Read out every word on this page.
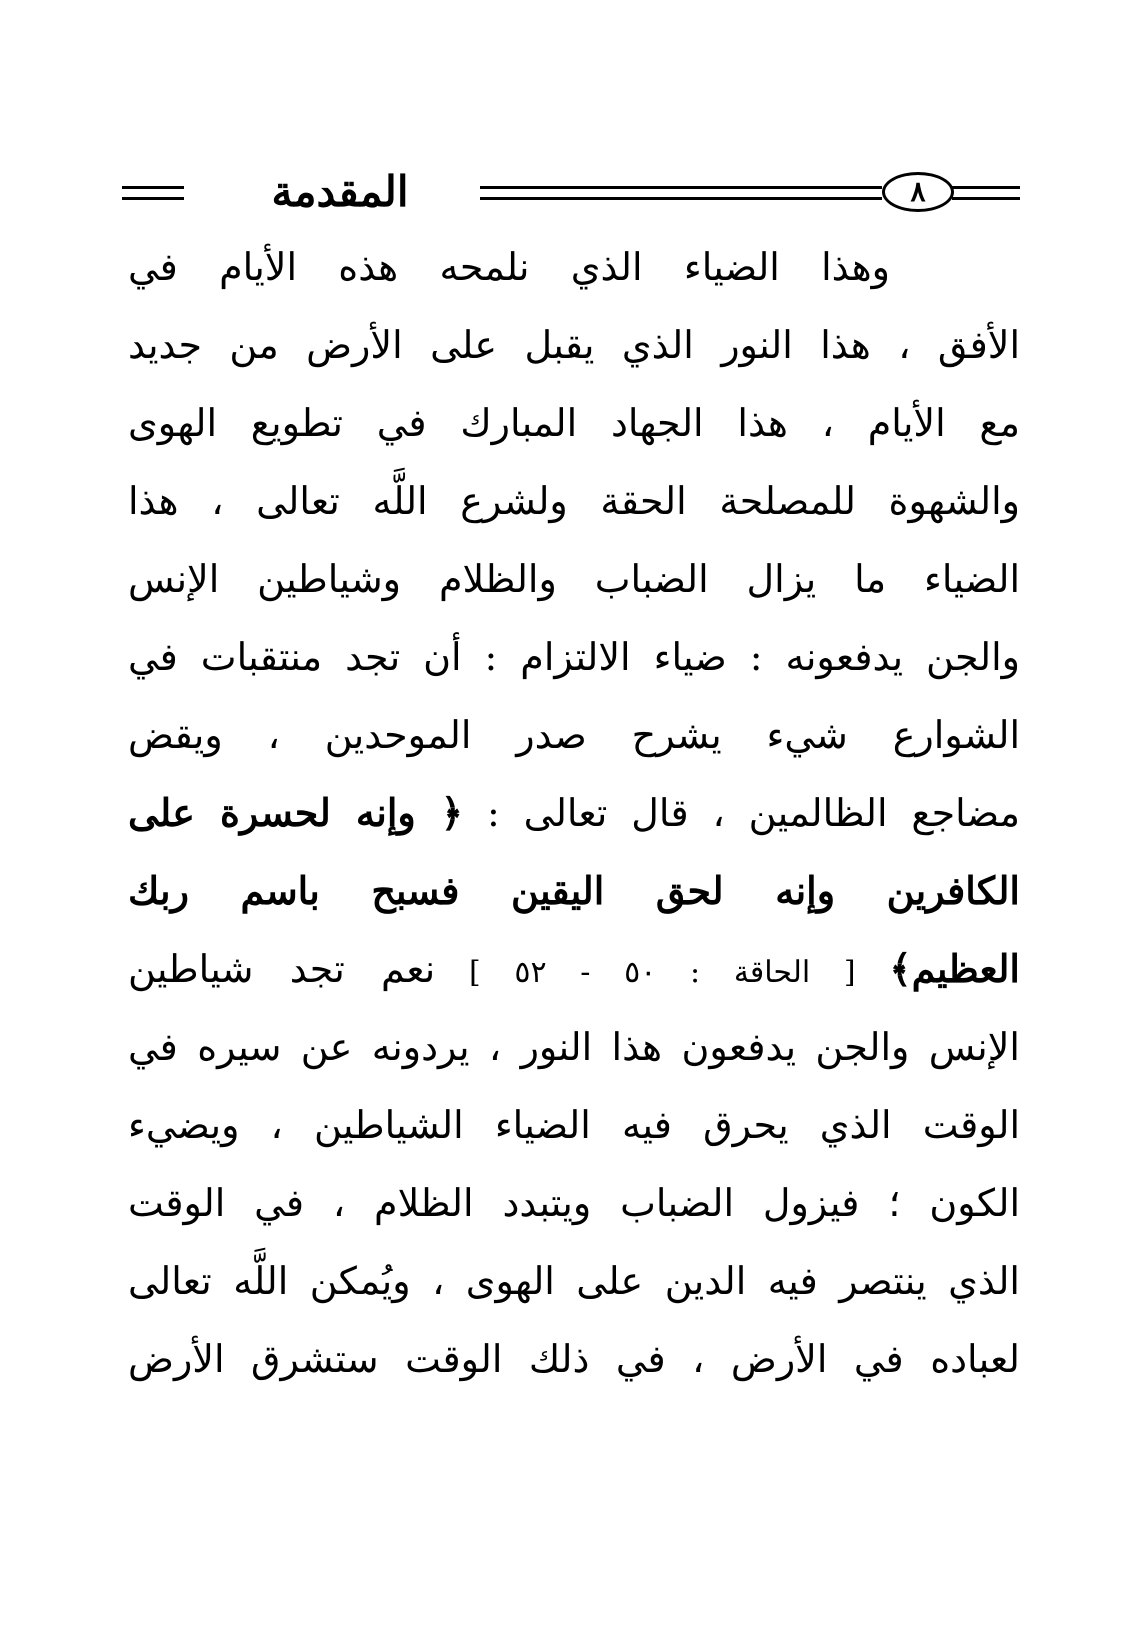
المقدمة	٨
وهذا الضياء الذي نلمحه هذه الأيام في
الأفق ، هذا النور الذي يقبل على الأرض من جديد
مع الأيام ، هذا الجهاد المبارك في تطويع الهوى
والشهوة للمصلحة الحقة ولشرع اللَّه تعالى ، هذا
الضياء ما يزال الضباب والظلام وشياطين الإنس
والجن يدفعونه : ضياء الالتزام : أن تجد منتقبات في
الشوارع شيء يشرح صدر الموحدين ، ويقض
مضاجع الظالمين ، قال تعالى : ﴿ وإنه لحسرة على
الكافرين وإنه لحق اليقين فسبح باسم ربك
العظيم﴾ [ الحاقة : ٥٠ - ٥٢ ] نعم تجد شياطين
الإنس والجن يدفعون هذا النور ، يردونه عن سيره في
الوقت الذي يحرق فيه الضياء الشياطين ، ويضيء
الكون ؛ فيزول الضباب ويتبدد الظلام ، في الوقت
الذي ينتصر فيه الدين على الهوى ، ويُمكن اللَّه تعالى
لعباده في الأرض ، في ذلك الوقت ستشرق الأرض
